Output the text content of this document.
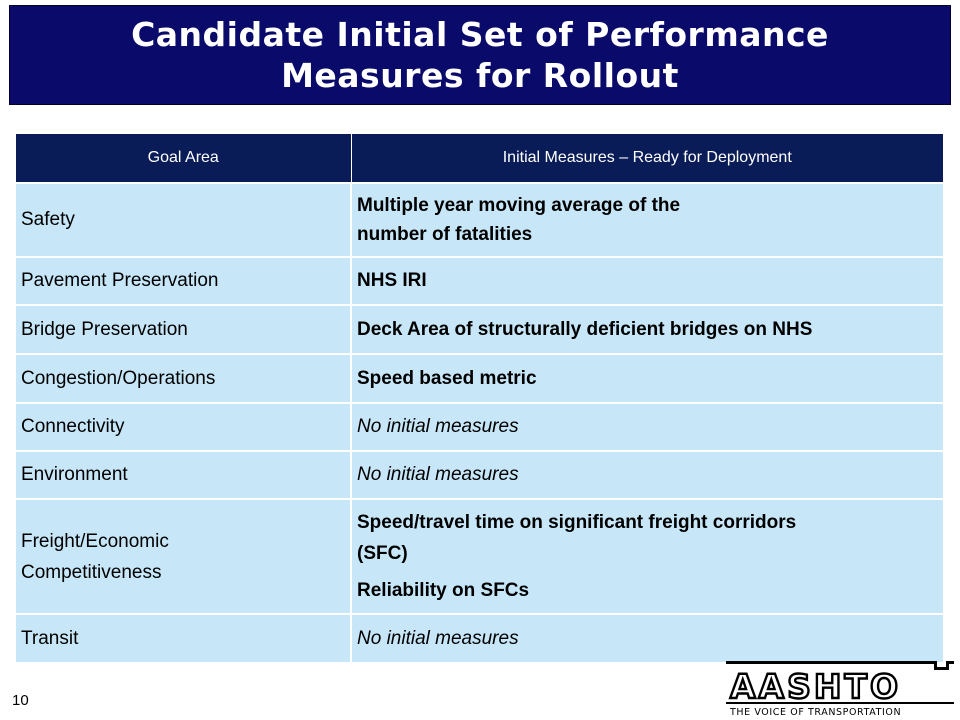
Candidate Initial Set of Performance
Measures for Rollout
Goal Area	Initial Measures – Ready for Deployment
Safety	Multiple year moving average of the
number of fatalities

Pavement Preservation	NHS IRI
Bridge Preservation	Deck Area of structurally deficient bridges on NHS
Congestion/Operations	Speed based metric
Connectivity	No initial measures
Environment	No initial measures

Freight/Economic
Competitiveness	Speed/travel time on significant freight corridors
(SFC)
Reliability on SFCs

Transit	No initial measures
10	AASHTO
THE VOICE OF TRANSPORTATION
